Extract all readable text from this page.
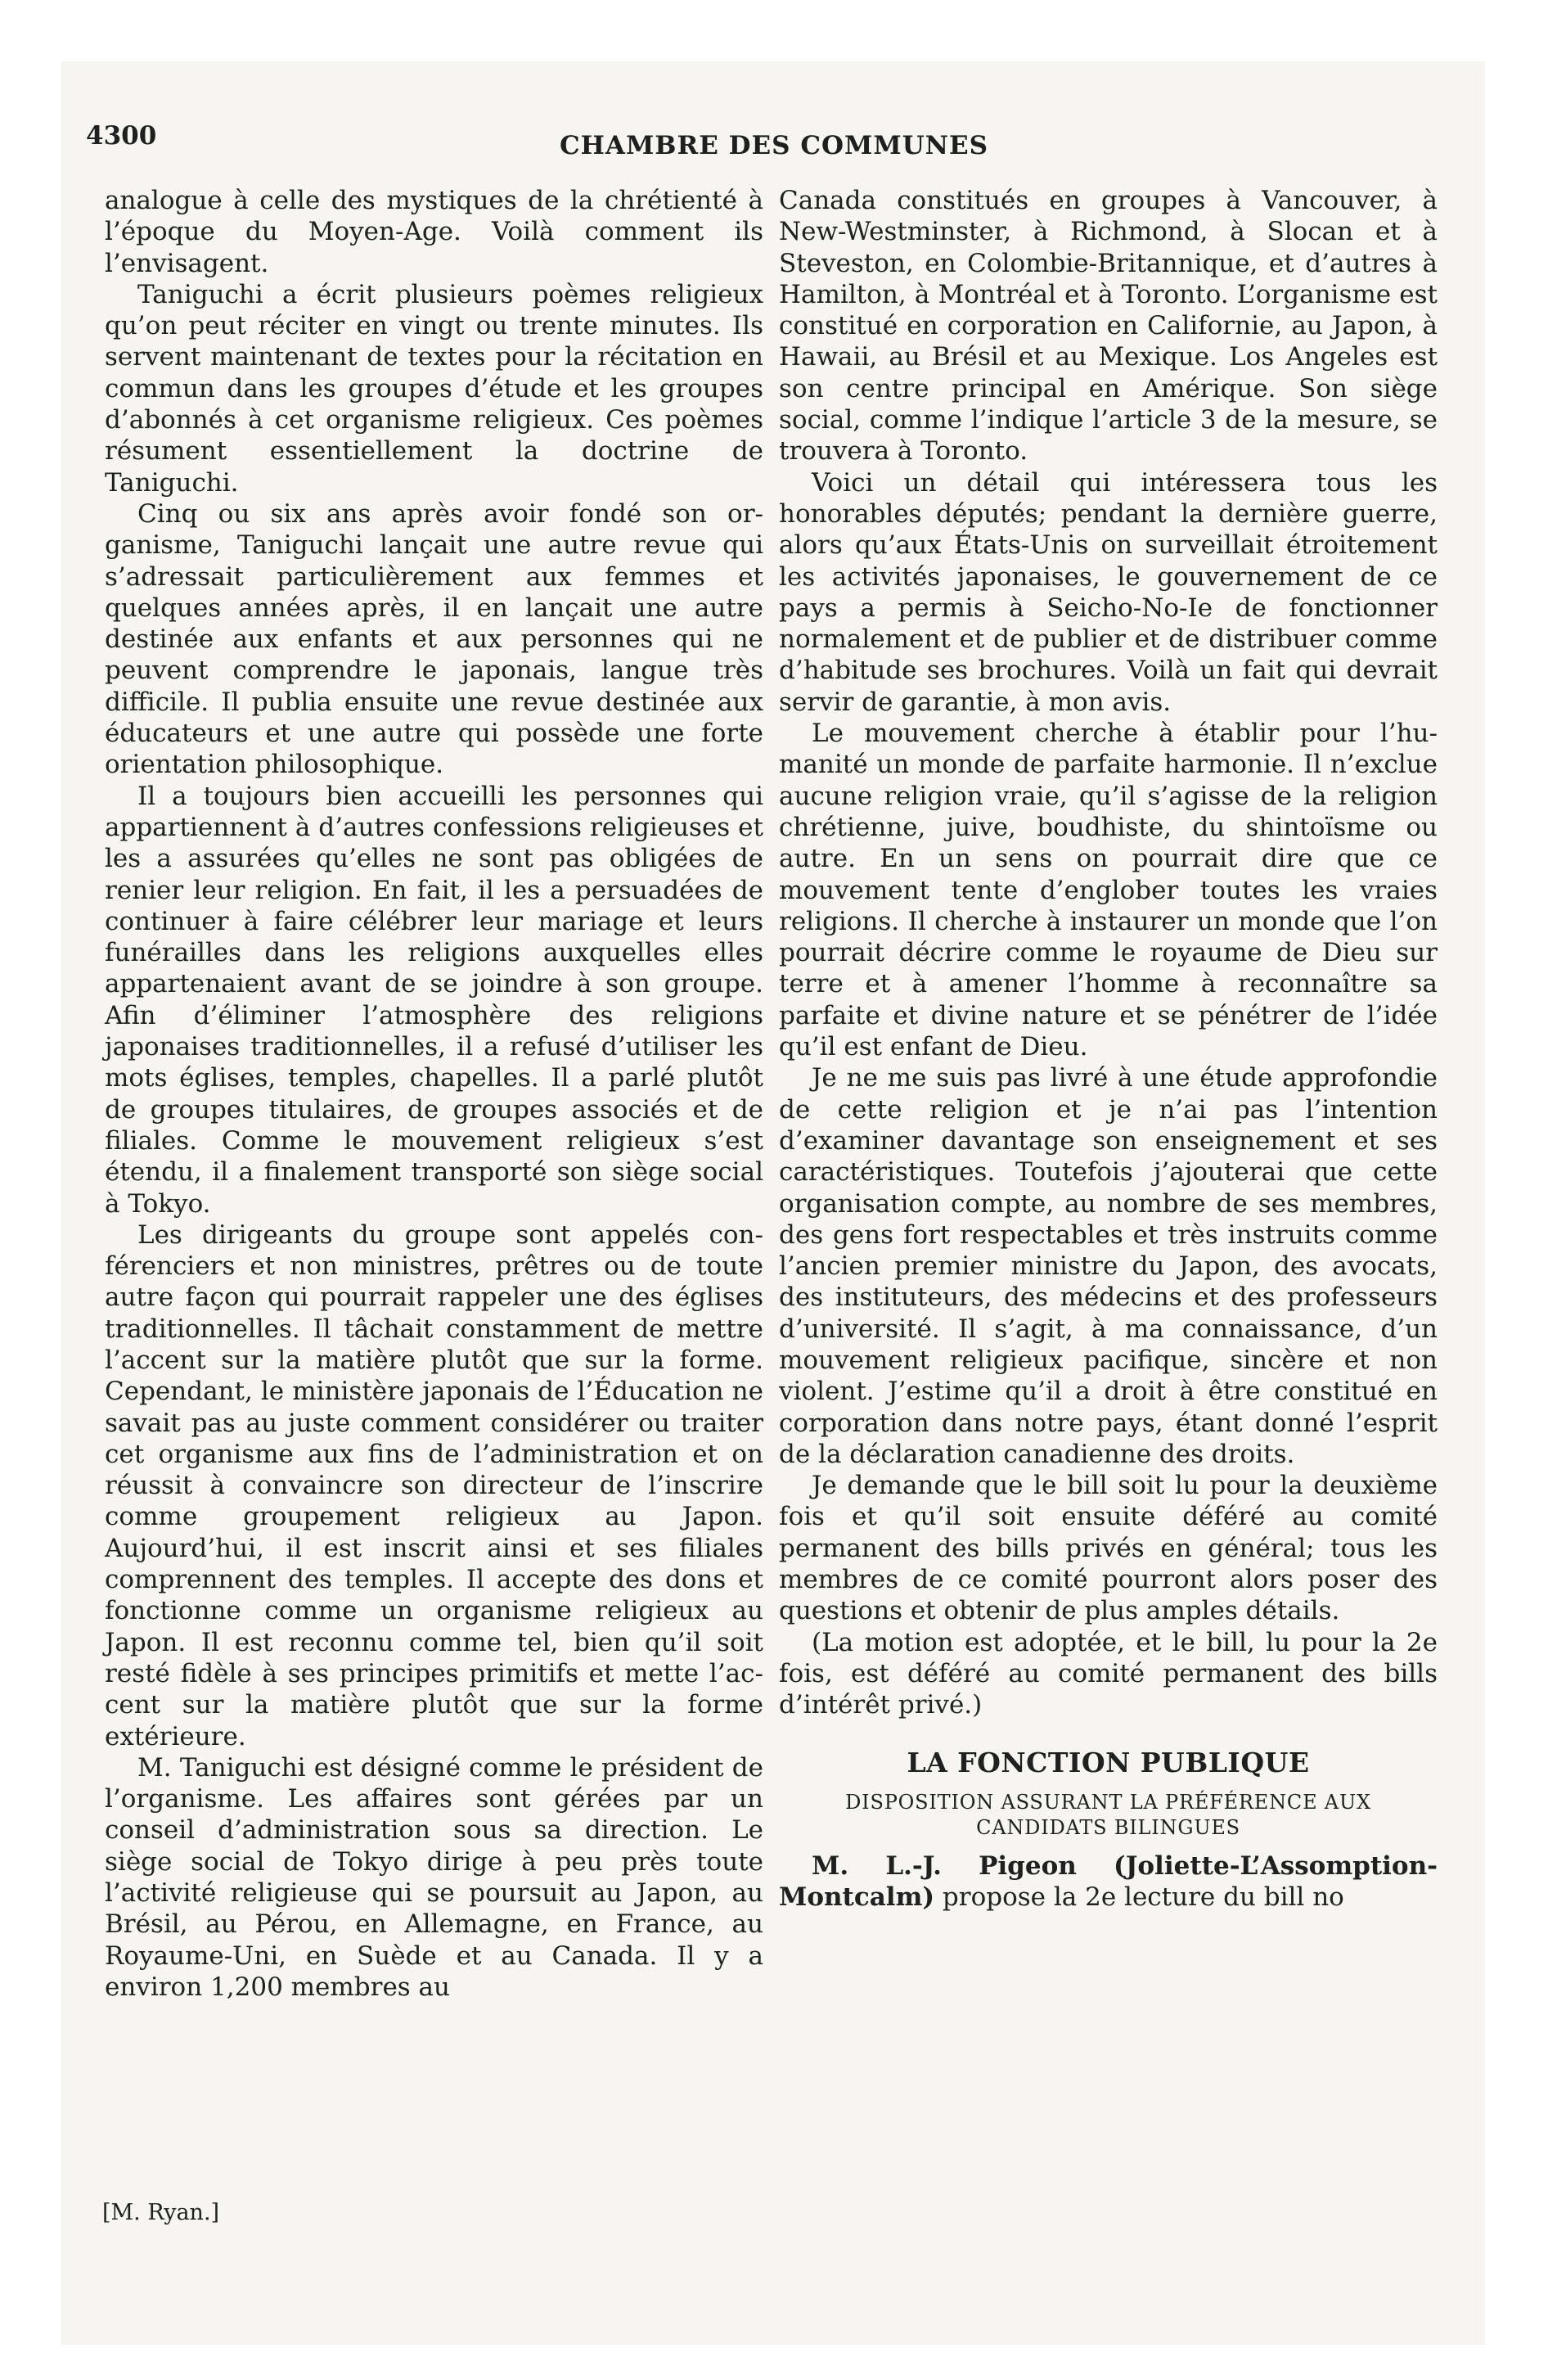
4300	CHAMBRE DES COMMUNES

analogue à celle des mystiques de la chrétienté à l’époque du Moyen-Age. Voilà comment ils l’envisagent.

Taniguchi a écrit plusieurs poèmes religieux qu’on peut réciter en vingt ou trente minutes. Ils servent maintenant de textes pour la récitation en commun dans les groupes d’étude et les groupes d’abonnés à cet organisme religieux. Ces poèmes résument essentiellement la doctrine de Taniguchi.

Cinq ou six ans après avoir fondé son organisme, Taniguchi lançait une autre revue qui s’adressait particulièrement aux femmes et quelques années après, il en lançait une autre destinée aux enfants et aux personnes qui ne peuvent comprendre le japonais, langue très difficile. Il publia ensuite une revue destinée aux éducateurs et une autre qui possède une forte orientation philosophique.

Il a toujours bien accueilli les personnes qui appartiennent à d’autres confessions religieuses et les a assurées qu’elles ne sont pas obligées de renier leur religion. En fait, il les a persuadées de continuer à faire célébrer leur mariage et leurs funérailles dans les religions auxquelles elles appartenaient avant de se joindre à son groupe. Afin d’éliminer l’atmosphère des religions japonaises traditionnelles, il a refusé d’utiliser les mots églises, temples, chapelles. Il a parlé plutôt de groupes titulaires, de groupes associés et de filiales. Comme le mouvement religieux s’est étendu, il a finalement transporté son siège social à Tokyo.

Les dirigeants du groupe sont appelés conférenciers et non ministres, prêtres ou de toute autre façon qui pourrait rappeler une des églises traditionnelles. Il tâchait constamment de mettre l’accent sur la matière plutôt que sur la forme. Cependant, le ministère japonais de l’Éducation ne savait pas au juste comment considérer ou traiter cet organisme aux fins de l’administration et on réussit à convaincre son directeur de l’inscrire comme groupement religieux au Japon. Aujourd’hui, il est inscrit ainsi et ses filiales comprennent des temples. Il accepte des dons et fonctionne comme un organisme religieux au Japon. Il est reconnu comme tel, bien qu’il soit resté fidèle à ses principes primitifs et mette l’accent sur la matière plutôt que sur la forme extérieure.

M. Taniguchi est désigné comme le président de l’organisme. Les affaires sont gérées par un conseil d’administration sous sa direction. Le siège social de Tokyo dirige à peu près toute l’activité religieuse qui se poursuit au Japon, au Brésil, au Pérou, en Allemagne, en France, au Royaume-Uni, en Suède et au Canada. Il y a environ 1,200 membres au

[M. Ryan.]

Canada constitués en groupes à Vancouver, à New-Westminster, à Richmond, à Slocan et à Steveston, en Colombie-Britannique, et d’autres à Hamilton, à Montréal et à Toronto. L’organisme est constitué en corporation en Californie, au Japon, à Hawaii, au Brésil et au Mexique. Los Angeles est son centre principal en Amérique. Son siège social, comme l’indique l’article 3 de la mesure, se trouvera à Toronto.

Voici un détail qui intéressera tous les honorables députés; pendant la dernière guerre, alors qu’aux États-Unis on surveillait étroitement les activités japonaises, le gouvernement de ce pays a permis à Seicho-No-Ie de fonctionner normalement et de publier et de distribuer comme d’habitude ses brochures. Voilà un fait qui devrait servir de garantie, à mon avis.

Le mouvement cherche à établir pour l’humanité un monde de parfaite harmonie. Il n’exclue aucune religion vraie, qu’il s’agisse de la religion chrétienne, juive, boudhiste, du shintoïsme ou autre. En un sens on pourrait dire que ce mouvement tente d’englober toutes les vraies religions. Il cherche à instaurer un monde que l’on pourrait décrire comme le royaume de Dieu sur terre et à amener l’homme à reconnaître sa parfaite et divine nature et se pénétrer de l’idée qu’il est enfant de Dieu.

Je ne me suis pas livré à une étude approfondie de cette religion et je n’ai pas l’intention d’examiner davantage son enseignement et ses caractéristiques. Toutefois j’ajouterai que cette organisation compte, au nombre de ses membres, des gens fort respectables et très instruits comme l’ancien premier ministre du Japon, des avocats, des instituteurs, des médecins et des professeurs d’université. Il s’agit, à ma connaissance, d’un mouvement religieux pacifique, sincère et non violent. J’estime qu’il a droit à être constitué en corporation dans notre pays, étant donné l’esprit de la déclaration canadienne des droits.

Je demande que le bill soit lu pour la deuxième fois et qu’il soit ensuite déféré au comité permanent des bills privés en général; tous les membres de ce comité pourront alors poser des questions et obtenir de plus amples détails.

(La motion est adoptée, et le bill, lu pour la 2e fois, est déféré au comité permanent des bills d’intérêt privé.)

LA FONCTION PUBLIQUE
DISPOSITION ASSURANT LA PRÉFÉRENCE AUX CANDIDATS BILINGUES

M. L.-J. Pigeon (Joliette-L’Assomption-Montcalm) propose la 2e lecture du bill no
